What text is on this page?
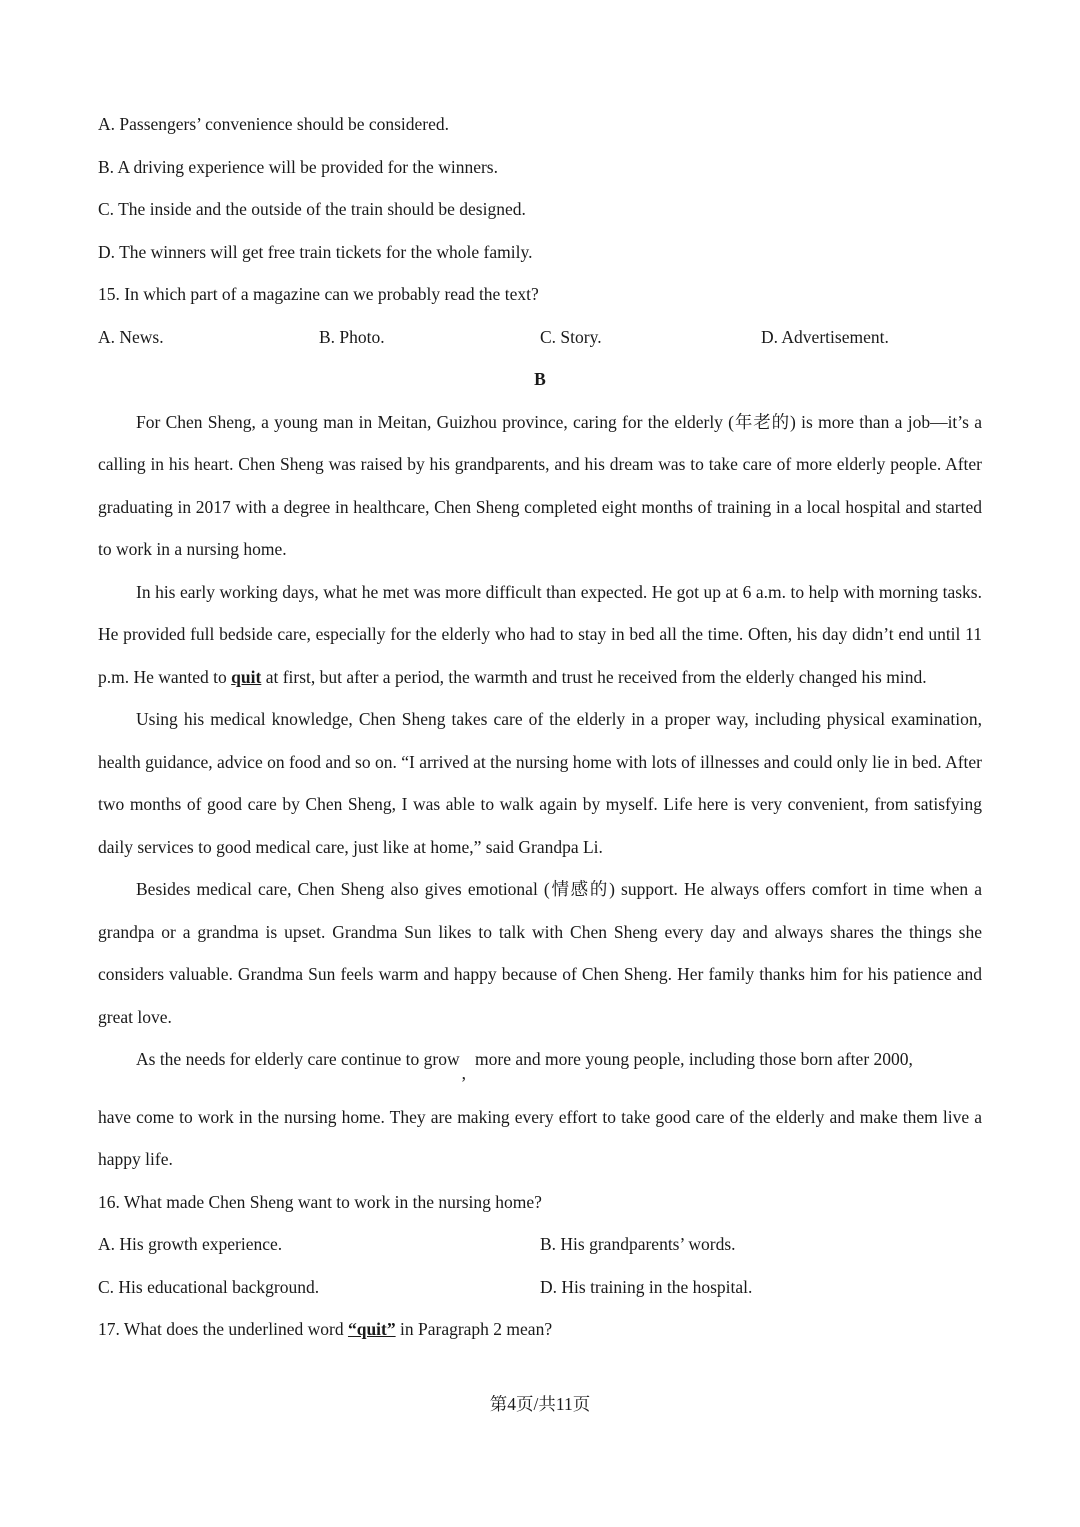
A. Passengers’ convenience should be considered.

B. A driving experience will be provided for the winners.

C. The inside and the outside of the train should be designed.

D. The winners will get free train tickets for the whole family.

15. In which part of a magazine can we probably read the text?

A. News.	B. Photo.	C. Story.	D. Advertisement.
B

For Chen Sheng, a young man in Meitan, Guizhou province, caring for the elderly (年老的) is more than a job—it’s a calling in his heart. Chen Sheng was raised by his grandparents, and his dream was to take care of more elderly people. After graduating in 2017 with a degree in healthcare, Chen Sheng completed eight months of training in a local hospital and started to work in a nursing home.

In his early working days, what he met was more difficult than expected. He got up at 6 a.m. to help with morning tasks. He provided full bedside care, especially for the elderly who had to stay in bed all the time. Often, his day didn’t end until 11 p.m. He wanted to quit at first, but after a period, the warmth and trust he received from the elderly changed his mind.

Using his medical knowledge, Chen Sheng takes care of the elderly in a proper way, including physical examination, health guidance, advice on food and so on. “I arrived at the nursing home with lots of illnesses and could only lie in bed. After two months of good care by Chen Sheng, I was able to walk again by myself. Life here is very convenient, from satisfying daily services to good medical care, just like at home,” said Grandpa Li.

Besides medical care, Chen Sheng also gives emotional (情感的) support. He always offers comfort in time when a grandpa or a grandma is upset. Grandma Sun likes to talk with Chen Sheng every day and always shares the things she considers valuable. Grandma Sun feels warm and happy because of Chen Sheng. Her family thanks him for his patience and great love.

As the needs for elderly care continue to grow,more and more young people, including those born after 2000,

have come to work in the nursing home. They are making every effort to take good care of the elderly and make them live a happy life.

16. What made Chen Sheng want to work in the nursing home?

A. His growth experience.	B. His grandparents’ words.
C. His educational background.	D. His training in the hospital.

17. What does the underlined word “quit” in Paragraph 2 mean?

第4页/共11页
